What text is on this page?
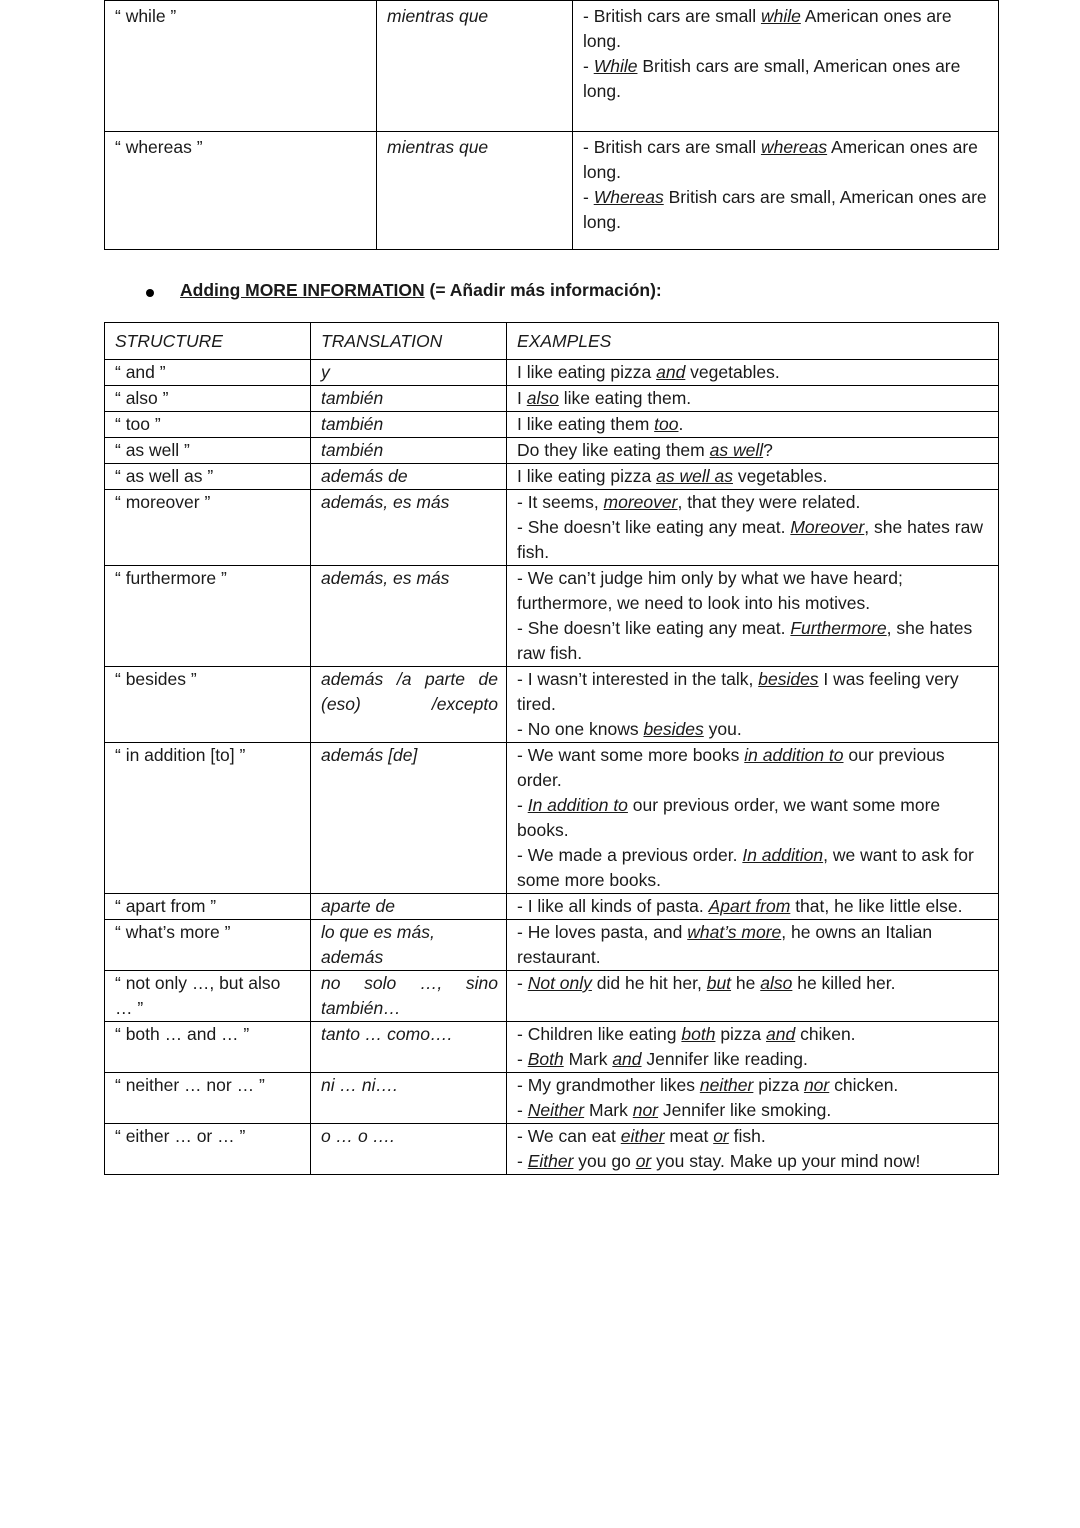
“ while ”	mientras que	- British cars are small while American ones are long.
- While British cars are small, American ones are long.

“ whereas ”	mientras que	- British cars are small whereas American ones are long.
- Whereas British cars are small, American ones are long.
Adding MORE INFORMATION (= Añadir más información):
STRUCTURE	TRANSLATION	EXAMPLES
“ and ”	y	I like eating pizza and vegetables.

“ also ”	también	I also like eating them.

“ too ”	también	I like eating them too.

“ as well ”	también	Do they like eating them as well?

“ as well as ”	además de	I like eating pizza as well as vegetables.

“ moreover ”	además, es más	- It seems, moreover, that they were related.
- She doesn’t like eating any meat. Moreover, she hates raw fish.

“ furthermore ”	además, es más	- We can’t judge him only by what we have heard; furthermore, we need to look into his motives.
- She doesn’t like eating any meat. Furthermore, she hates raw fish.

“ besides ”	además /a parte de (eso) /excepto	- I wasn’t interested in the talk, besides I was feeling very tired.
- No one knows besides you.

“ in addition [to] ”	además [de]	- We want some more books in addition to our previous order.
- In addition to our previous order, we want some more books.
- We made a previous order. In addition, we want to ask for some more books.

“ apart from ”	aparte de	- I like all kinds of pasta. Apart from that, he like little else.

“ what’s more ”	lo que es más, además	- He loves pasta, and what’s more, he owns an Italian restaurant.

“ not only …, but also … ”	no solo …, sino también…	- Not only did he hit her, but he also he killed her.

“ both … and … ”	tanto … como….	- Children like eating both pizza and chiken.
- Both Mark and Jennifer like reading.

“ neither … nor … ”	ni … ni….	- My grandmother likes neither pizza nor chicken.
- Neither Mark nor Jennifer like smoking.

“ either … or … ”	o … o ….	- We can eat either meat or fish.
- Either you go or you stay. Make up your mind now!
